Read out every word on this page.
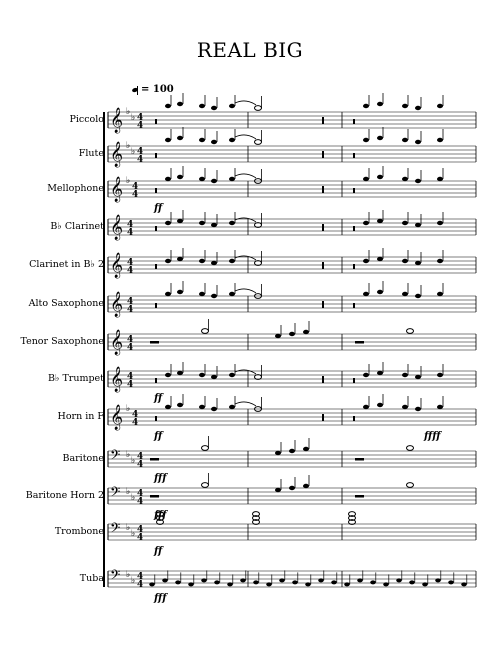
REAL BIG
= 100
Piccolo
Flute
Mellophone
B♭ Clarinet
Clarinet in B♭ 2
Alto Saxophone
Tenor Saxophone
B♭ Trumpet
Horn in F
Baritone
Baritone Horn 2
Trombone
Tuba
ff
ff
ff	ffff
fff
fff
ff
fff
𝄞 ♭
♭ 4
4
𝄞 ♭
♭ 4
4
𝄞 ♭
4
4
𝄞 4
4
𝄞 4
4
𝄞 4
4
𝄞 4
4
𝄞 4
4
𝄞 ♭
4
4
𝄢 ♭
♭ 4
4
𝄢 ♭
♭ 4
4
𝄢 ♭
♭ 4
4
𝄢 ♭
♭ 4
4
